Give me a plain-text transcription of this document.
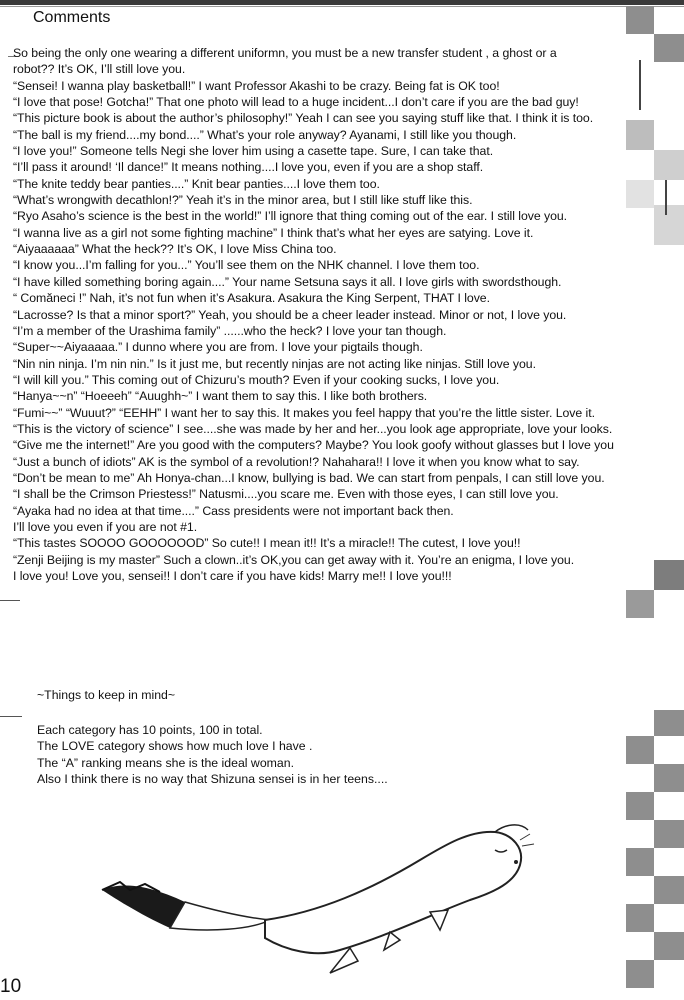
Comments
So being the only one wearing a different uniformn, you must be a new transfer student , a ghost or a
robot?? It’s OK, I’ll still love you.
“Sensei! I wanna play basketball!” I want Professor Akashi to be crazy. Being fat is OK too!
“I love that pose! Gotcha!” That one photo will lead to a huge incident...I don’t care if you are the bad guy!
“This picture book is about the author’s philosophy!” Yeah I can see you saying stuff like that. I think it is too.
“The ball is my friend....my bond....” What’s your role anyway? Ayanami, I still like you though.
“I love you!” Someone tells Negi she lover him using a casette tape. Sure, I can take that.
“I’ll pass it around! ‘Il dance!” It means nothing....I love you, even if you are a shop staff.
“The knite teddy bear panties....” Knit bear panties....I love them too.
“What’s wrongwith decathlon!?” Yeah it’s in the minor area, but I still like stuff like this.
“Ryo Asaho’s science is the best in the world!” I’ll ignore that thing coming out of the ear. I still love you.
“I wanna live as a girl not some fighting machine” I think that’s what her eyes are satying. Love it.
“Aiyaaaaaa” What the heck?? It’s OK, I love Miss China too.
“I know you...I’m falling for you...” You’ll see them on the NHK channel. I love them too.
“I have killed something boring again....” Your name Setsuna says it all. I love girls with swordsthough.
“ Comăneci !” Nah, it’s not fun when it’s Asakura. Asakura the King Serpent, THAT I love.
“Lacrosse? Is that a minor sport?” Yeah, you should be a cheer leader instead. Minor or not, I love you.
“I’m a member of the Urashima family” ......who the heck? I love your tan though.
“Super~~Aiyaaaaa.” I dunno where you are from. I love your pigtails though.
“Nin nin ninja. I’m nin nin.” Is it just me, but recently ninjas are not acting like ninjas. Still love you.
“I will kill you.” This coming out of Chizuru’s mouth? Even if your cooking sucks, I love you.
“Hanya~~n” “Hoeeeh” “Auughh~” I want them to say this. I like both brothers.
“Fumi~~” “Wuuut?” “EEHH” I want her to say this. It makes you feel happy that you’re the little sister. Love it.
“This is the victory of science” I see....she was made by her and her...you look age appropriate, love your looks.
“Give me the internet!” Are you good with the computers? Maybe? You look goofy without glasses but I love you
“Just a bunch of idiots” AK is the symbol of a revolution!? Nahahara!! I love it when you know what to say.
“Don’t be mean to me” Ah Honya-chan...I know, bullying is bad. We can start from penpals, I can still love you.
“I shall be the Crimson Priestess!” Natusmi....you scare me. Even with those eyes, I can still love you.
“Ayaka had no idea at that time....” Cass presidents were not important back then.
I’ll love you even if you are not #1.
“This tastes SOOOO GOOOOOOD” So cute!! I mean it!! It’s a miracle!! The cutest, I love you!!
“Zenji Beijing is my master” Such a clown..it’s OK,you can get away with it. You’re an enigma, I love you.
I love you! Love you, sensei!! I don’t care if you have kids! Marry me!! I love you!!!
~Things to keep in mind~
Each category has 10 points, 100 in total.
The LOVE category shows how much love I have .
The “A” ranking means she is the ideal woman.
Also I think there is no way that Shizuna sensei is in her teens....
10
